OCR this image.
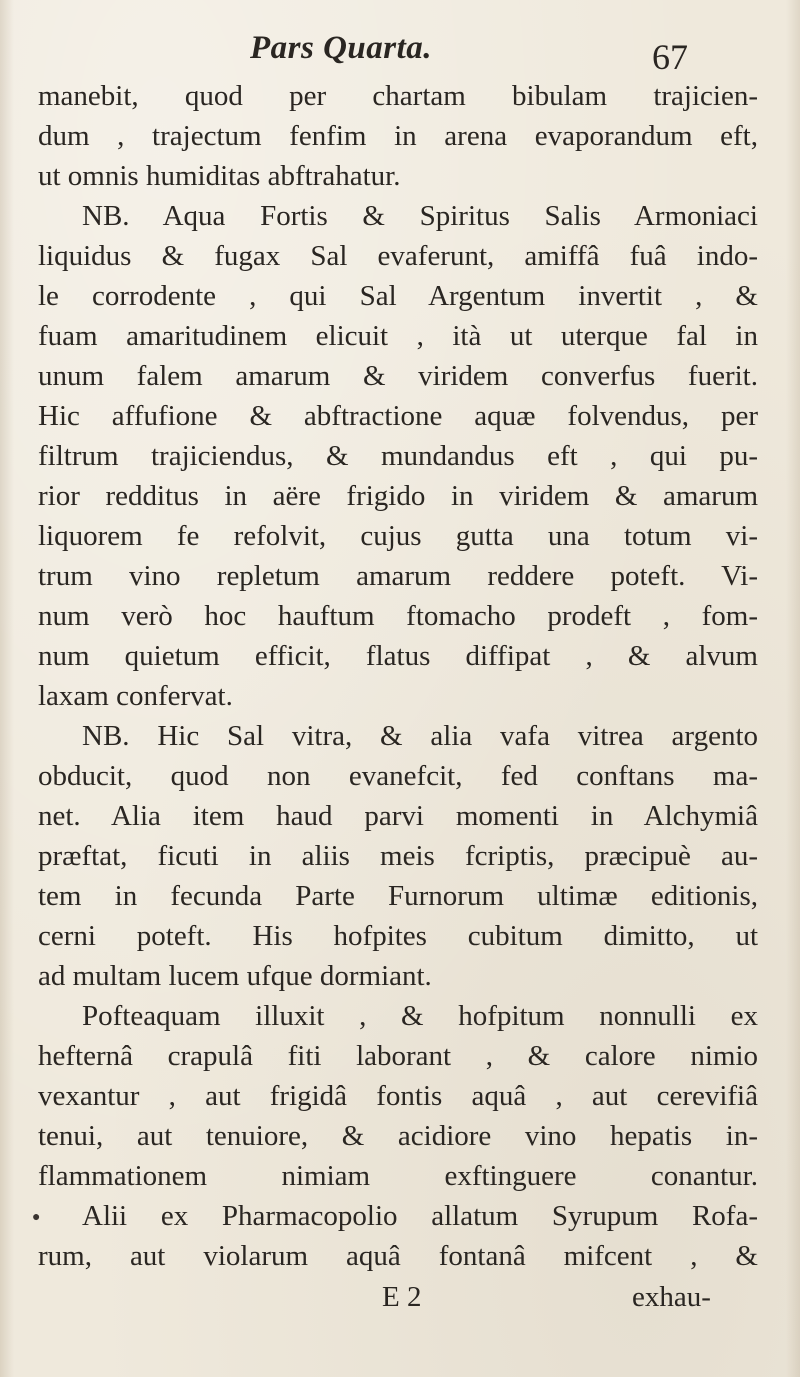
Pars Quarta.	67
manebit, quod per chartam bibulam trajicien-
dum , trajectum fenfim in arena evaporandum eft,
ut omnis humiditas abftrahatur.
NB. Aqua Fortis & Spiritus Salis Armoniaci
liquidus & fugax Sal evaferunt, amiffâ fuâ indo-
le corrodente , qui Sal Argentum invertit , &
fuam amaritudinem elicuit , ità ut uterque fal in
unum falem amarum & viridem converfus fuerit.
Hic affufione & abftractione aquæ folvendus, per
filtrum trajiciendus, & mundandus eft , qui pu-
rior redditus in aëre frigido in viridem & amarum
liquorem fe refolvit, cujus gutta una totum vi-
trum vino repletum amarum reddere poteft. Vi-
num verò hoc hauftum ftomacho prodeft , fom-
num quietum efficit, flatus diffipat , & alvum
laxam confervat.
NB. Hic Sal vitra, & alia vafa vitrea argento
obducit, quod non evanefcit, fed conftans ma-
net. Alia item haud parvi momenti in Alchymiâ
præftat, ficuti in aliis meis fcriptis, præcipuè au-
tem in fecunda Parte Furnorum ultimæ editionis,
cerni poteft. His hofpites cubitum dimitto, ut
ad multam lucem ufque dormiant.
Pofteaquam illuxit , & hofpitum nonnulli ex
hefternâ crapulâ fiti laborant , & calore nimio
vexantur , aut frigidâ fontis aquâ , aut cerevifiâ
tenui, aut tenuiore, & acidiore vino hepatis in-
flammationem nimiam exftinguere conantur.
Alii ex Pharmacopolio allatum Syrupum Rofa-
rum, aut violarum aquâ fontanâ mifcent , &
●
E 2	exhau-
